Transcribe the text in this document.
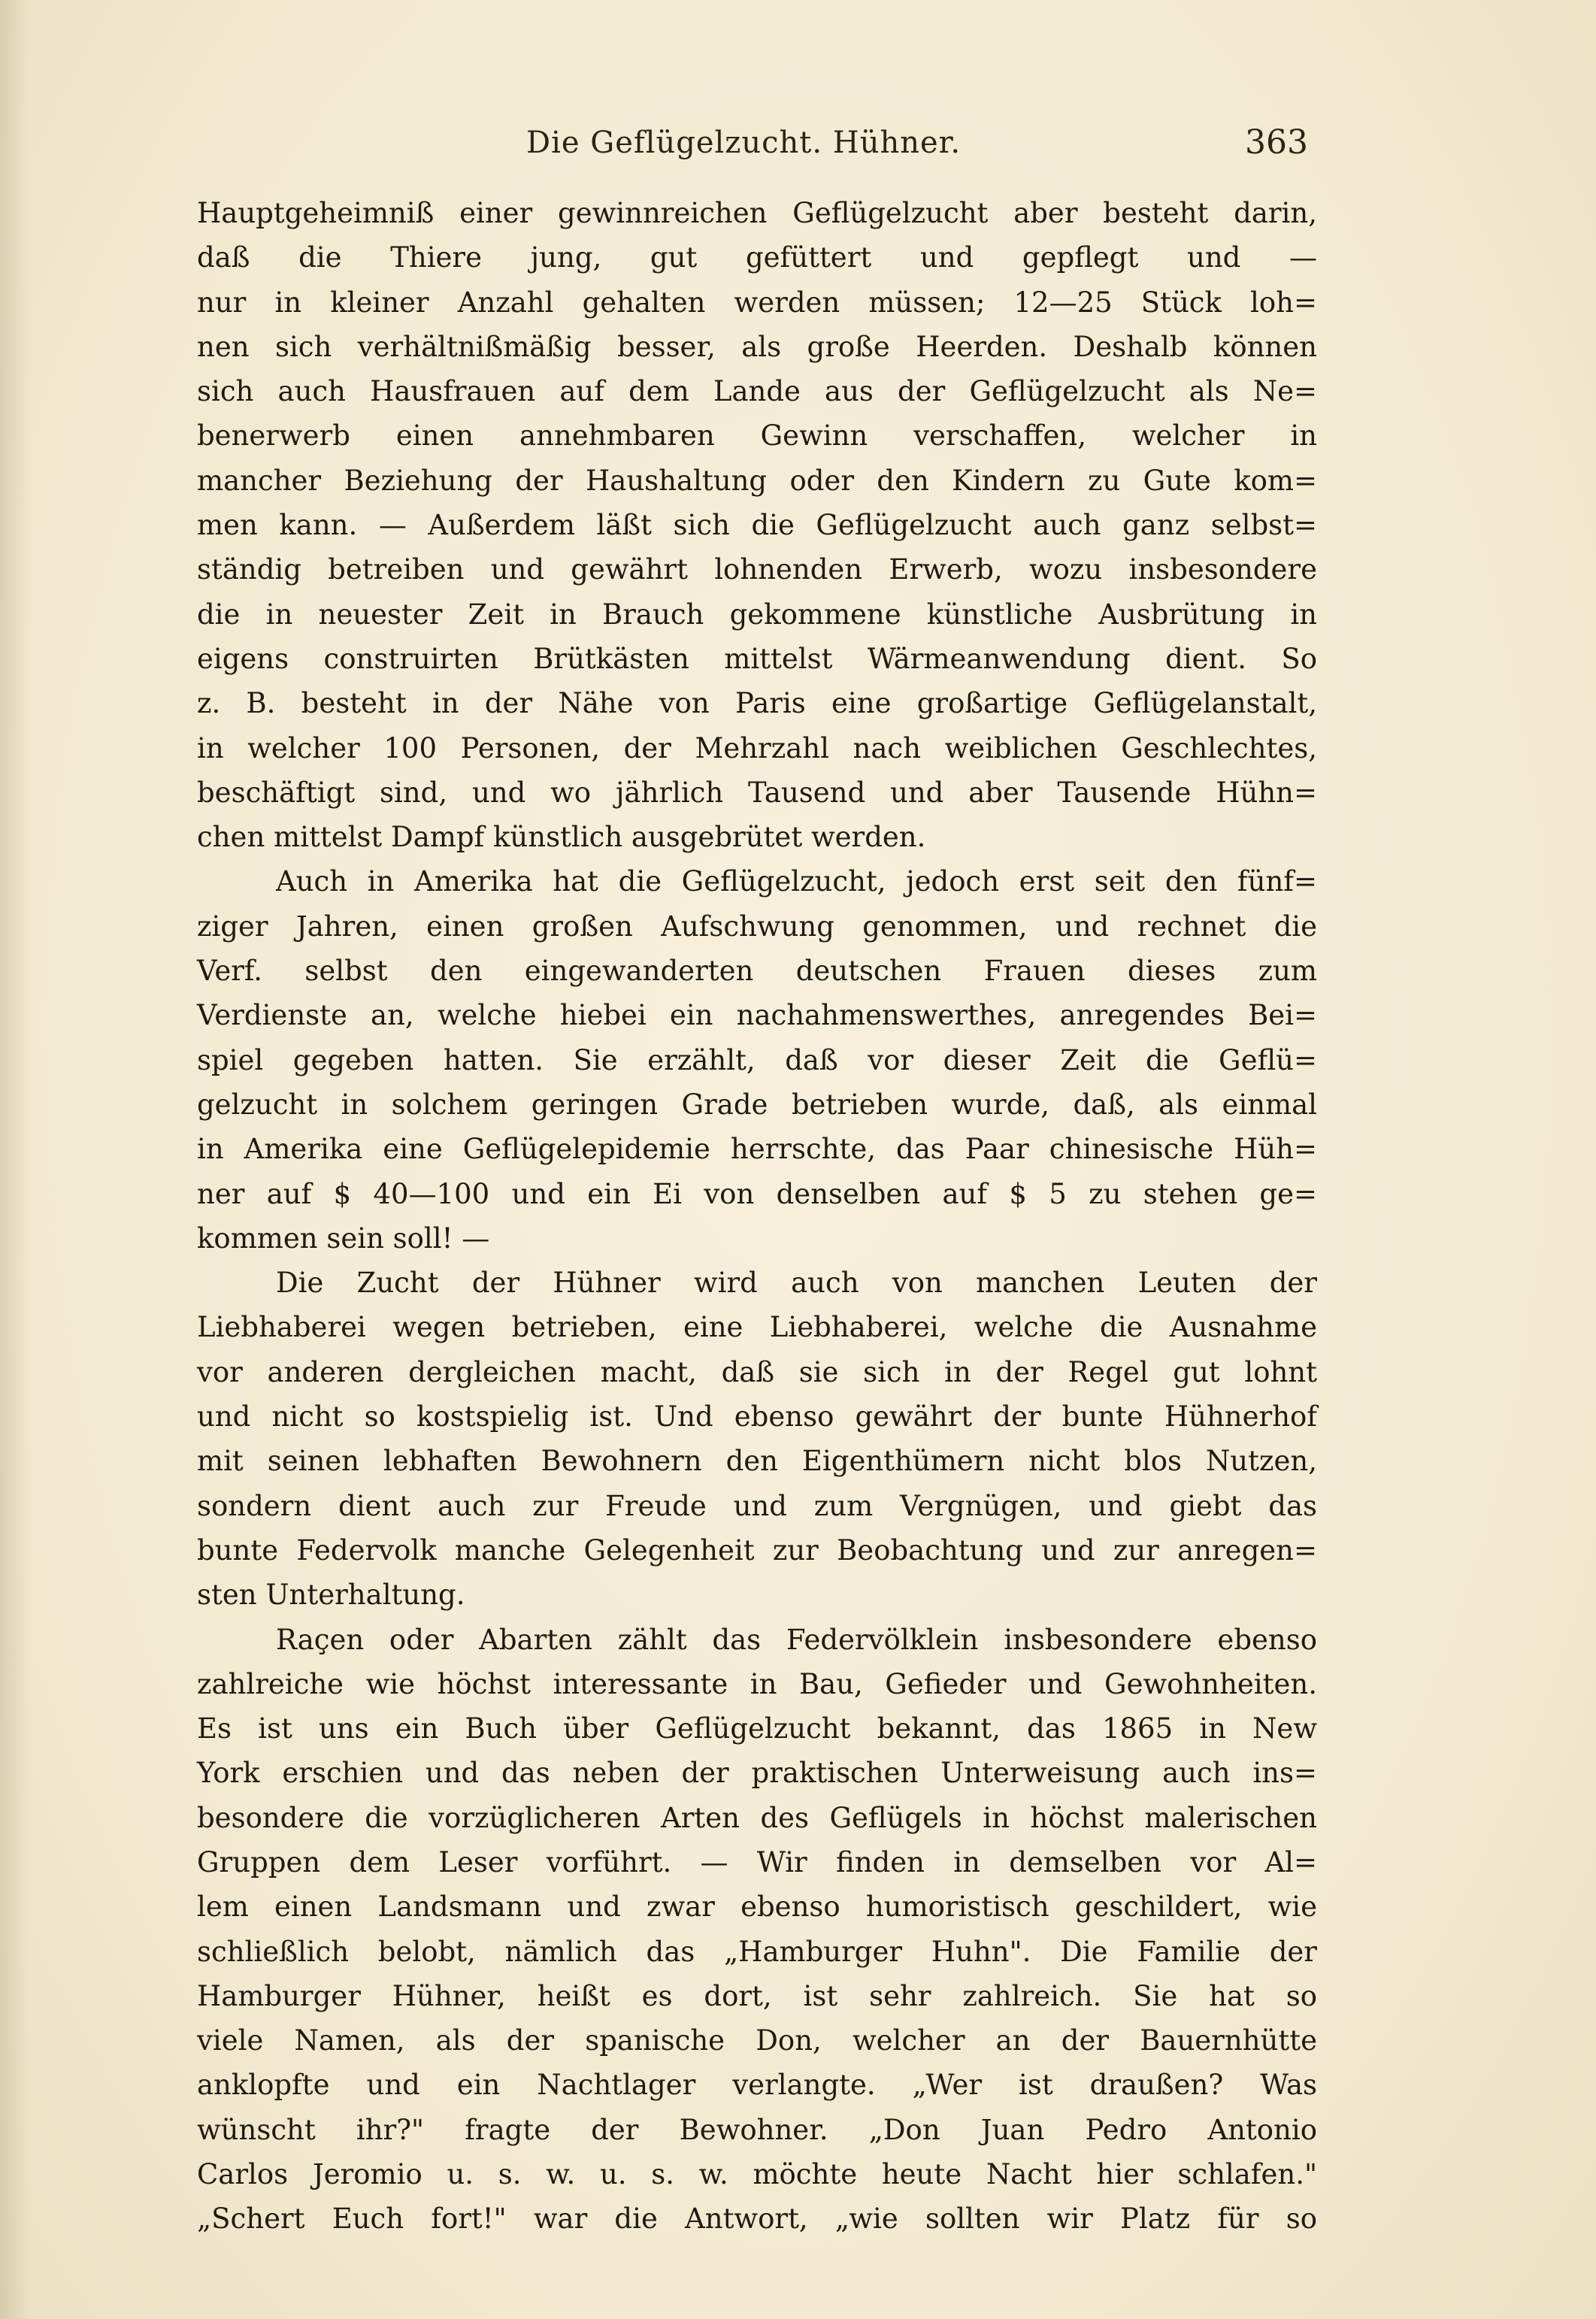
Die Geflügelzucht. Hühner.	363
Hauptgeheimniß einer gewinnreichen Geflügelzucht aber besteht darin,
daß die Thiere jung, gut gefüttert und gepflegt und —
nur in kleiner Anzahl gehalten werden müssen; 12—25 Stück loh=
nen sich verhältnißmäßig besser, als große Heerden. Deshalb können
sich auch Hausfrauen auf dem Lande aus der Geflügelzucht als Ne=
benerwerb einen annehmbaren Gewinn verschaffen, welcher in
mancher Beziehung der Haushaltung oder den Kindern zu Gute kom=
men kann. — Außerdem läßt sich die Geflügelzucht auch ganz selbst=
ständig betreiben und gewährt lohnenden Erwerb, wozu insbesondere
die in neuester Zeit in Brauch gekommene künstliche Ausbrütung in
eigens construirten Brütkästen mittelst Wärmeanwendung dient. So
z. B. besteht in der Nähe von Paris eine großartige Geflügelanstalt,
in welcher 100 Personen, der Mehrzahl nach weiblichen Geschlechtes,
beschäftigt sind, und wo jährlich Tausend und aber Tausende Hühn=
chen mittelst Dampf künstlich ausgebrütet werden.
Auch in Amerika hat die Geflügelzucht, jedoch erst seit den fünf=
ziger Jahren, einen großen Aufschwung genommen, und rechnet die
Verf. selbst den eingewanderten deutschen Frauen dieses zum
Verdienste an, welche hiebei ein nachahmenswerthes, anregendes Bei=
spiel gegeben hatten. Sie erzählt, daß vor dieser Zeit die Geflü=
gelzucht in solchem geringen Grade betrieben wurde, daß, als einmal
in Amerika eine Geflügelepidemie herrschte, das Paar chinesische Hüh=
ner auf $ 40—100 und ein Ei von denselben auf $ 5 zu stehen ge=
kommen sein soll! —
Die Zucht der Hühner wird auch von manchen Leuten der
Liebhaberei wegen betrieben, eine Liebhaberei, welche die Ausnahme
vor anderen dergleichen macht, daß sie sich in der Regel gut lohnt
und nicht so kostspielig ist. Und ebenso gewährt der bunte Hühnerhof
mit seinen lebhaften Bewohnern den Eigenthümern nicht blos Nutzen,
sondern dient auch zur Freude und zum Vergnügen, und giebt das
bunte Federvolk manche Gelegenheit zur Beobachtung und zur anregen=
sten Unterhaltung.
Raçen oder Abarten zählt das Federvölklein insbesondere ebenso
zahlreiche wie höchst interessante in Bau, Gefieder und Gewohnheiten.
Es ist uns ein Buch über Geflügelzucht bekannt, das 1865 in New
York erschien und das neben der praktischen Unterweisung auch ins=
besondere die vorzüglicheren Arten des Geflügels in höchst malerischen
Gruppen dem Leser vorführt. — Wir finden in demselben vor Al=
lem einen Landsmann und zwar ebenso humoristisch geschildert, wie
schließlich belobt, nämlich das „Hamburger Huhn". Die Familie der
Hamburger Hühner, heißt es dort, ist sehr zahlreich. Sie hat so
viele Namen, als der spanische Don, welcher an der Bauernhütte
anklopfte und ein Nachtlager verlangte. „Wer ist draußen? Was
wünscht ihr?" fragte der Bewohner. „Don Juan Pedro Antonio
Carlos Jeromio u. s. w. u. s. w. möchte heute Nacht hier schlafen."
„Schert Euch fort!" war die Antwort, „wie sollten wir Platz für so
